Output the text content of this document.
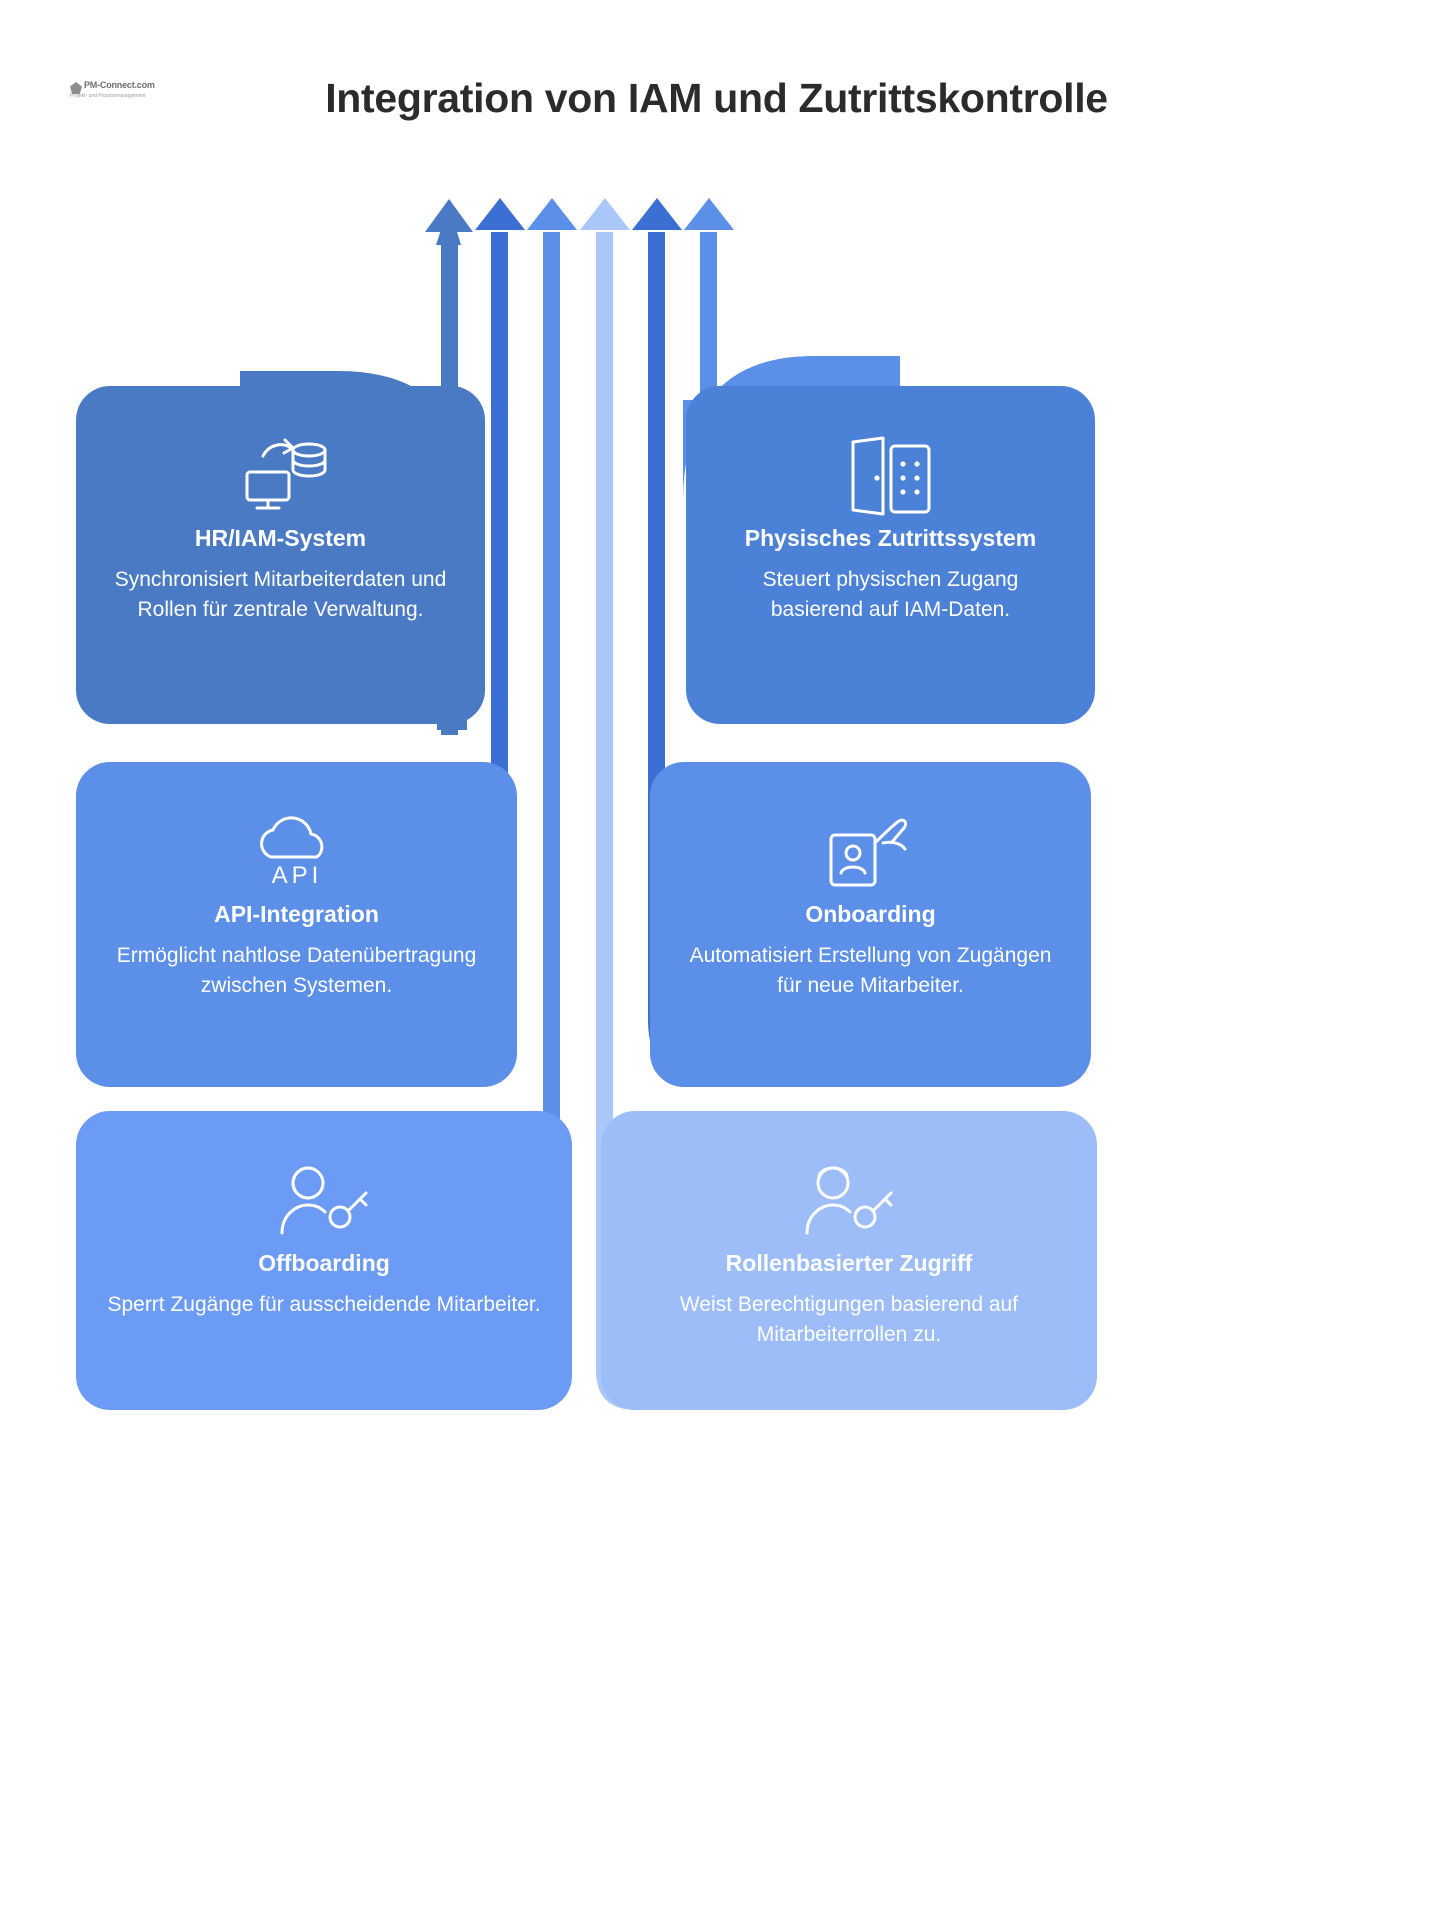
PM-Connect.com
Projekt- und Prozessmanagement	Integration von IAM und Zutrittskontrolle
HR/IAM-System
Synchronisiert Mitarbeiterdaten und Rollen für zentrale Verwaltung.
Physisches Zutrittssystem
Steuert physischen Zugang basierend auf IAM-Daten.
API
API-Integration
Ermöglicht nahtlose Datenübertragung zwischen Systemen.
Onboarding
Automatisiert Erstellung von Zugängen für neue Mitarbeiter.
Offboarding
Sperrt Zugänge für ausscheidende Mitarbeiter.
Rollenbasierter Zugriff
Weist Berechtigungen basierend auf Mitarbeiterrollen zu.
